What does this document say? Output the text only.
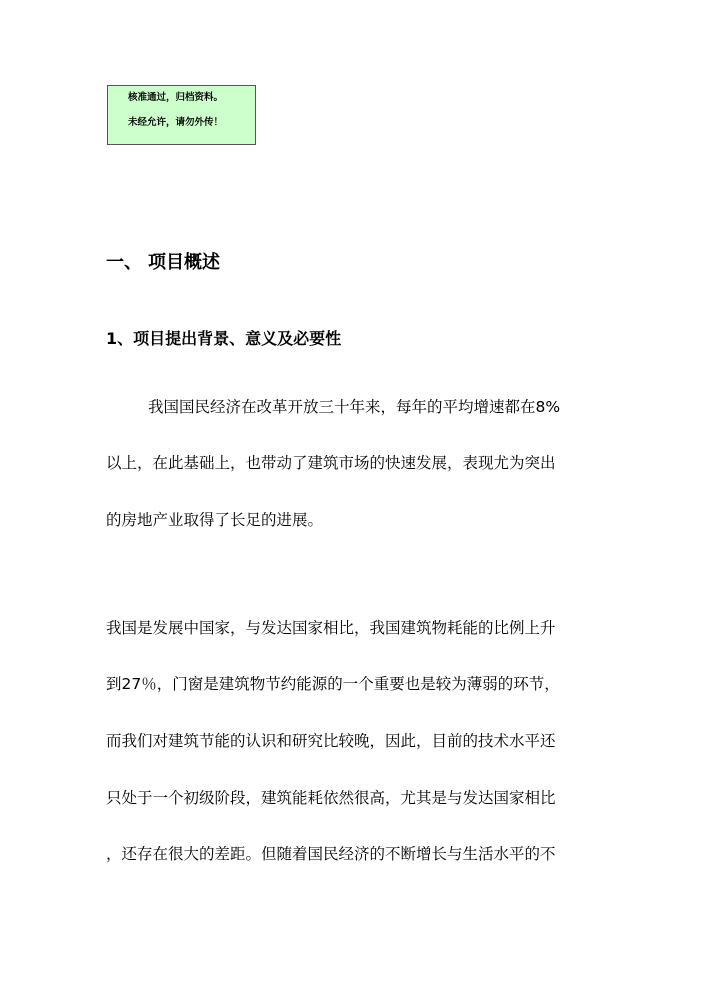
核准通过，归档资料。
未经允许，请勿外传！
一、 项目概述
1、项目提出背景、意义及必要性
我国国民经济在改革开放三十年来，每年的平均增速都在8%
以上，在此基础上，也带动了建筑市场的快速发展，表现尤为突出
的房地产业取得了长足的进展。
我国是发展中国家，与发达国家相比，我国建筑物耗能的比例上升
到27％，门窗是建筑物节约能源的一个重要也是较为薄弱的环节，
而我们对建筑节能的认识和研究比较晚，因此，目前的技术水平还
只处于一个初级阶段，建筑能耗依然很高，尤其是与发达国家相比
，还存在很大的差距。但随着国民经济的不断增长与生活水平的不
